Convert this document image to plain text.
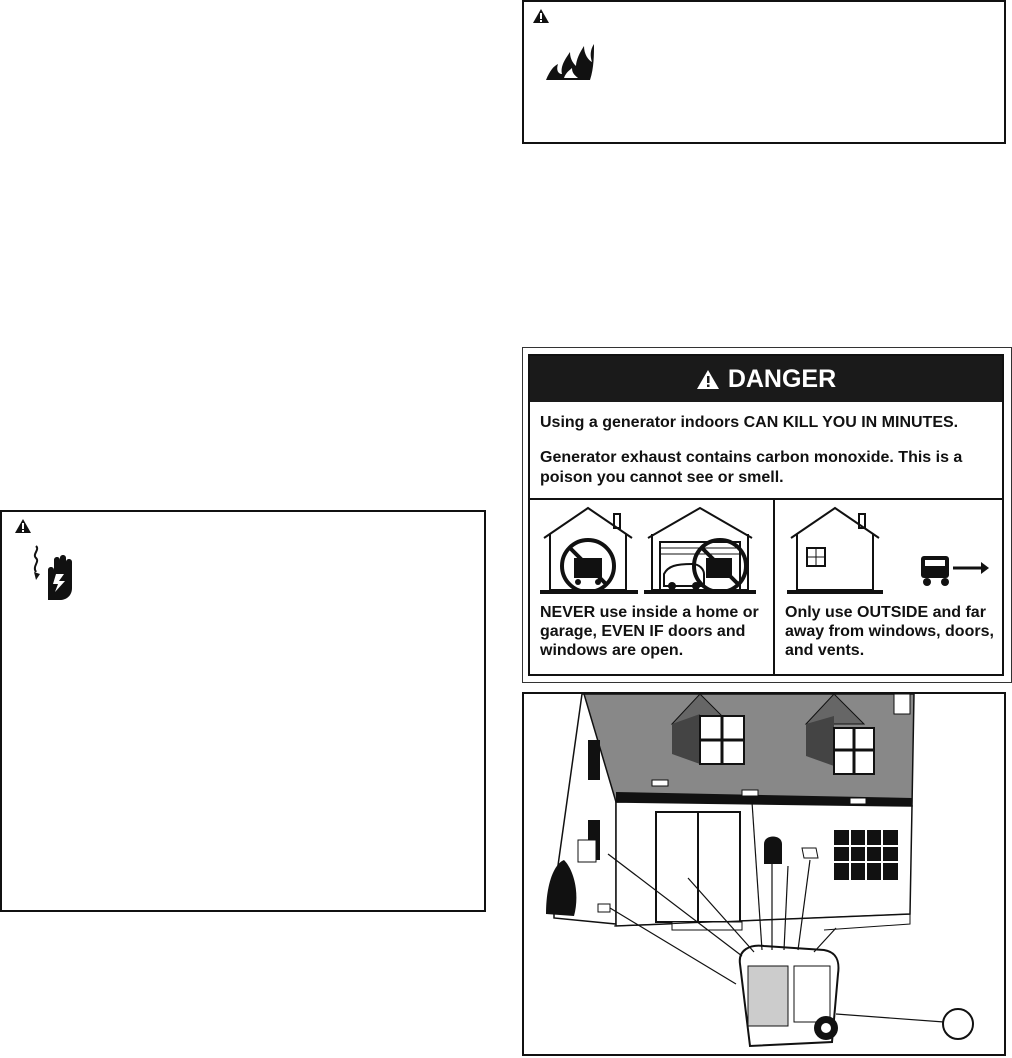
DANGER
Using a generator indoors CAN KILL YOU IN MINUTES.
Generator exhaust contains carbon monoxide. This is a poison you cannot see or smell.
NEVER use inside a home or garage, EVEN IF doors and windows are open.
Only use OUTSIDE and far away from windows, doors, and vents.
